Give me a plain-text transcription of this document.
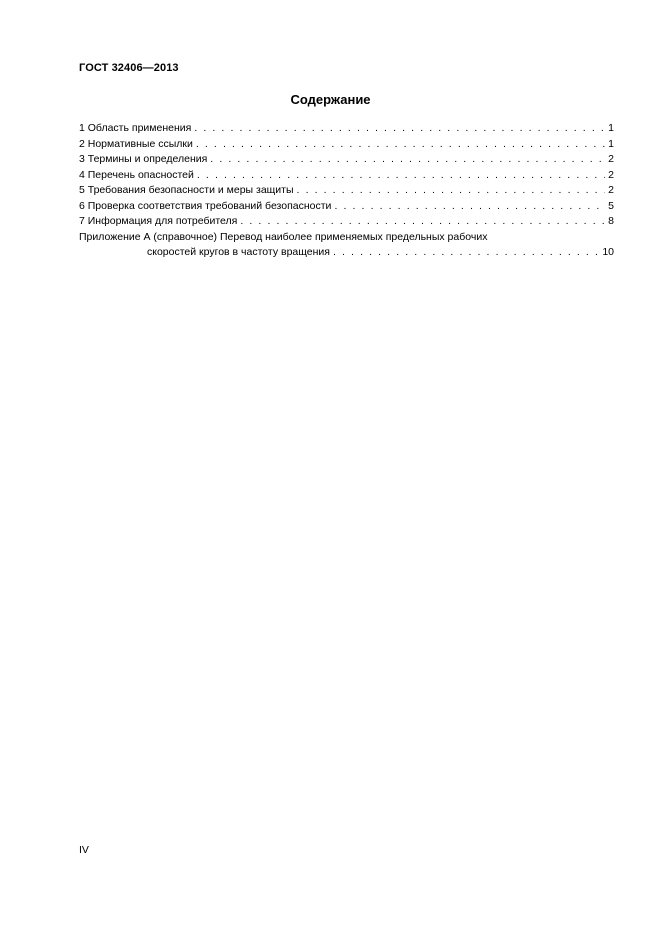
ГОСТ 32406—2013
Содержание
1 Область применения . . .	1
2 Нормативные ссылки . . .	1
3 Термины и определения . . .	2
4 Перечень опасностей . . .	2
5 Требования безопасности и меры защиты . . .	2
6 Проверка соответствия требований безопасности . . .	5
7 Информация для потребителя . . .	8
Приложение А (справочное) Перевод наиболее применяемых предельных рабочих
скоростей кругов в частоту вращения . . .	10
IV
